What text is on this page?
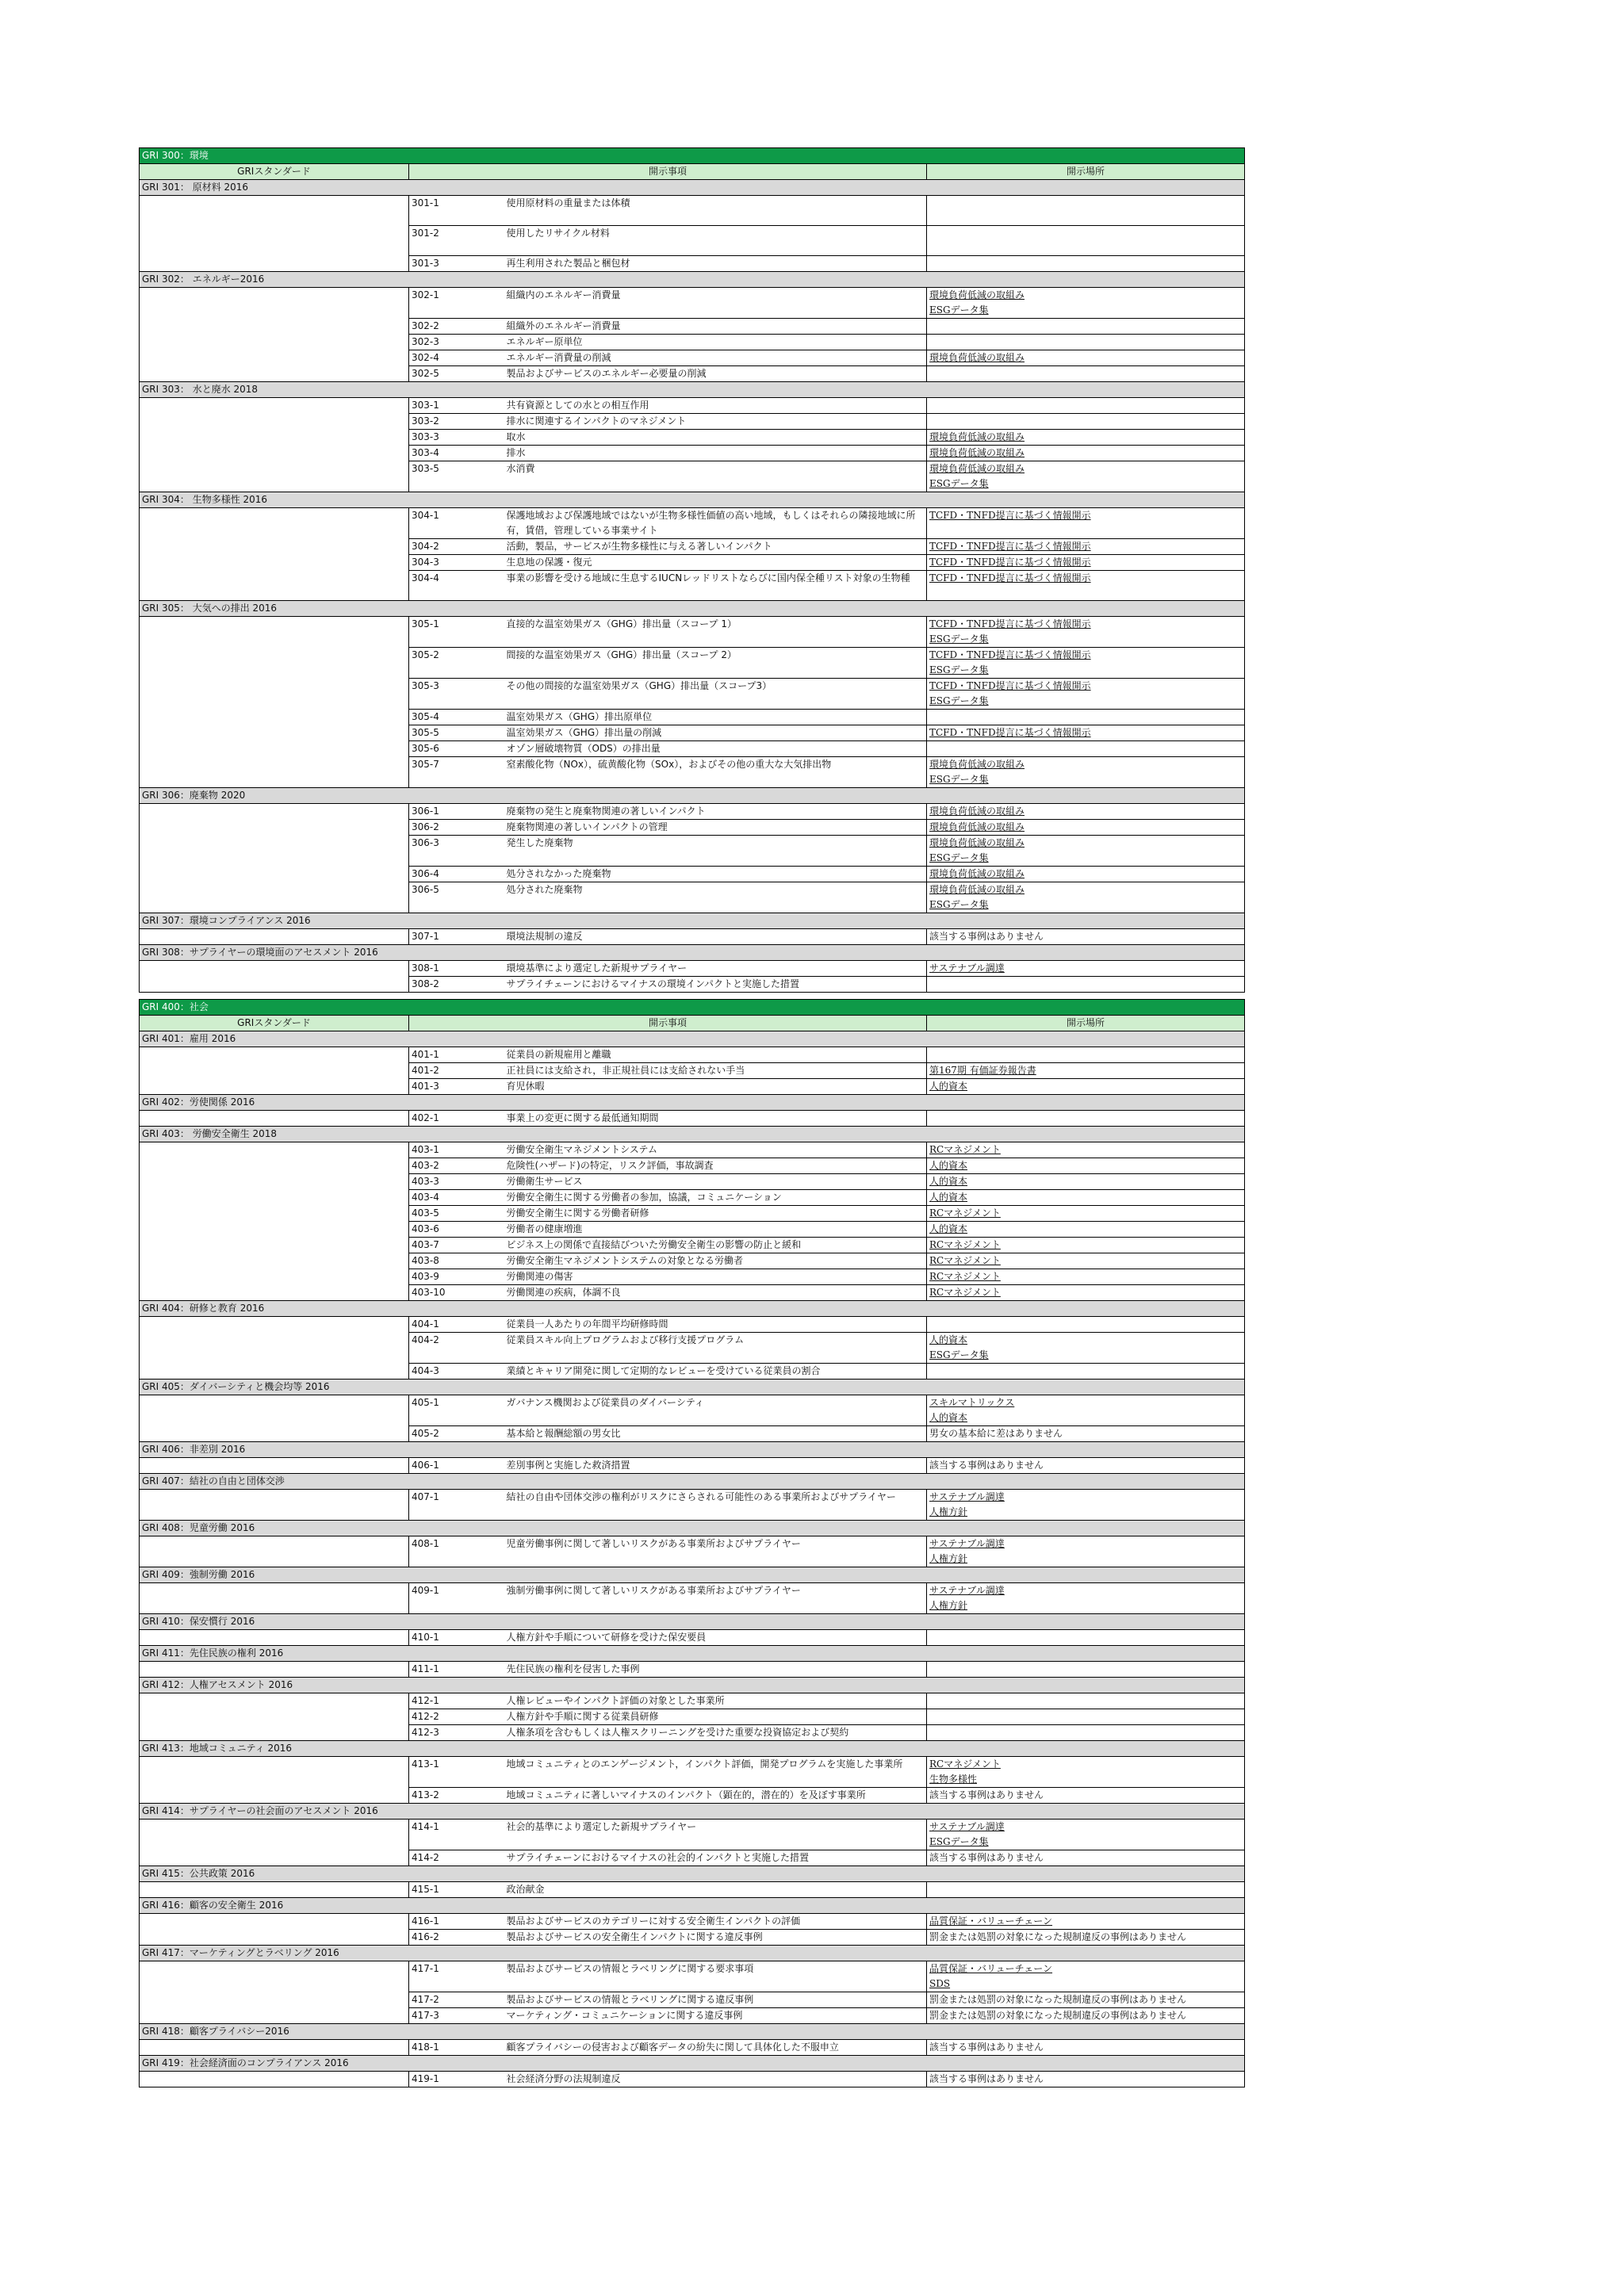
GRI 300：環境			
GRIスタンダード	開示事項		開示場所
GRI 301： 原材料 2016			

	301-1	使用原材料の重量または体積	

	301-2	使用したリサイクル材料	

	301-3	再生利用された製品と梱包材	

GRI 302： エネルギー2016			

	302-1	組織内のエネルギー消費量	環境負荷低減の取組み
ESGデータ集

	302-2	組織外のエネルギー消費量	

	302-3	エネルギー原単位	

	302-4	エネルギー消費量の削減	環境負荷低減の取組み

	302-5	製品およびサービスのエネルギー必要量の削減	

GRI 303： 水と廃水 2018			

	303-1	共有資源としての水との相互作用	

	303-2	排水に関連するインパクトのマネジメント	

	303-3	取水	環境負荷低減の取組み

	303-4	排水	環境負荷低減の取組み

	303-5	水消費	環境負荷低減の取組み
ESGデータ集

GRI 304： 生物多様性 2016			

	304-1	保護地域および保護地域ではないが生物多様性価値の高い地域，もしくはそれらの隣接地域に所有，賃借，管理している事業サイト	TCFD・TNFD提言に基づく情報開示

	304-2	活動，製品，サービスが生物多様性に与える著しいインパクト	TCFD・TNFD提言に基づく情報開示

	304-3	生息地の保護・復元	TCFD・TNFD提言に基づく情報開示

	304-4	事業の影響を受ける地域に生息するIUCNレッドリストならびに国内保全種リスト対象の生物種	TCFD・TNFD提言に基づく情報開示

GRI 305： 大気への排出 2016			

	305-1	直接的な温室効果ガス（GHG）排出量（スコープ 1）	TCFD・TNFD提言に基づく情報開示
ESGデータ集

	305-2	間接的な温室効果ガス（GHG）排出量（スコープ 2）	TCFD・TNFD提言に基づく情報開示
ESGデータ集

	305-3	その他の間接的な温室効果ガス（GHG）排出量（スコープ3）	TCFD・TNFD提言に基づく情報開示
ESGデータ集

	305-4	温室効果ガス（GHG）排出原単位	

	305-5	温室効果ガス（GHG）排出量の削減	TCFD・TNFD提言に基づく情報開示

	305-6	オゾン層破壊物質（ODS）の排出量	

	305-7	窒素酸化物（NOx），硫黄酸化物（SOx），およびその他の重大な大気排出物	環境負荷低減の取組み
ESGデータ集

GRI 306：廃棄物 2020			

	306-1	廃棄物の発生と廃棄物関連の著しいインパクト	環境負荷低減の取組み

	306-2	廃棄物関連の著しいインパクトの管理	環境負荷低減の取組み

	306-3	発生した廃棄物	環境負荷低減の取組み
ESGデータ集

	306-4	処分されなかった廃棄物	環境負荷低減の取組み

	306-5	処分された廃棄物	環境負荷低減の取組み
ESGデータ集

GRI 307：環境コンプライアンス 2016			

	307-1	環境法規制の違反	該当する事例はありません

GRI 308：サプライヤーの環境面のアセスメント 2016			

	308-1	環境基準により選定した新規サプライヤー	サステナブル調達

	308-2	サプライチェーンにおけるマイナスの環境インパクトと実施した措置	

GRI 400：社会			
GRIスタンダード	開示事項		開示場所
GRI 401：雇用 2016			

	401-1	従業員の新規雇用と離職	

	401-2	正社員には支給され，非正規社員には支給されない手当	第167期 有価証券報告書

	401-3	育児休暇	人的資本

GRI 402：労使関係 2016			

	402-1	事業上の変更に関する最低通知期間	

GRI 403： 労働安全衛生 2018			

	403-1	労働安全衛生マネジメントシステム	RCマネジメント

	403-2	危険性(ハザード)の特定，リスク評価，事故調査	人的資本

	403-3	労働衛生サービス	人的資本

	403-4	労働安全衛生に関する労働者の参加，協議，コミュニケーション	人的資本

	403-5	労働安全衛生に関する労働者研修	RCマネジメント

	403-6	労働者の健康増進	人的資本

	403-7	ビジネス上の関係で直接結びついた労働安全衛生の影響の防止と緩和	RCマネジメント

	403-8	労働安全衛生マネジメントシステムの対象となる労働者	RCマネジメント

	403-9	労働関連の傷害	RCマネジメント

	403-10	労働関連の疾病，体調不良	RCマネジメント

GRI 404：研修と教育 2016			

	404-1	従業員一人あたりの年間平均研修時間	

	404-2	従業員スキル向上プログラムおよび移行支援プログラム	人的資本
ESGデータ集

	404-3	業績とキャリア開発に関して定期的なレビューを受けている従業員の割合	

GRI 405：ダイバーシティと機会均等 2016			

	405-1	ガバナンス機関および従業員のダイバーシティ	スキルマトリックス
人的資本

	405-2	基本給と報酬総額の男女比	男女の基本給に差はありません

GRI 406：非差別 2016			

	406-1	差別事例と実施した救済措置	該当する事例はありません

GRI 407：結社の自由と団体交渉			

	407-1	結社の自由や団体交渉の権利がリスクにさらされる可能性のある事業所およびサプライヤー	サステナブル調達
人権方針

GRI 408：児童労働 2016			

	408-1	児童労働事例に関して著しいリスクがある事業所およびサプライヤー	サステナブル調達
人権方針

GRI 409：強制労働 2016			

	409-1	強制労働事例に関して著しいリスクがある事業所およびサプライヤー	サステナブル調達
人権方針

GRI 410：保安慣行 2016			

	410-1	人権方針や手順について研修を受けた保安要員	

GRI 411：先住民族の権利 2016			

	411-1	先住民族の権利を侵害した事例	

GRI 412：人権アセスメント 2016			

	412-1	人権レビューやインパクト評価の対象とした事業所	

	412-2	人権方針や手順に関する従業員研修	

	412-3	人権条項を含むもしくは人権スクリーニングを受けた重要な投資協定および契約	

GRI 413：地域コミュニティ 2016			

	413-1	地域コミュニティとのエンゲージメント，インパクト評価，開発プログラムを実施した事業所	RCマネジメント
生物多様性

	413-2	地域コミュニティに著しいマイナスのインパクト（顕在的，潜在的）を及ぼす事業所	該当する事例はありません

GRI 414：サプライヤーの社会面のアセスメント 2016			

	414-1	社会的基準により選定した新規サプライヤー	サステナブル調達
ESGデータ集

	414-2	サプライチェーンにおけるマイナスの社会的インパクトと実施した措置	該当する事例はありません

GRI 415：公共政策 2016			

	415-1	政治献金	

GRI 416：顧客の安全衛生 2016			

	416-1	製品およびサービスのカテゴリーに対する安全衛生インパクトの評価	品質保証・バリューチェーン

	416-2	製品およびサービスの安全衛生インパクトに関する違反事例	罰金または処罰の対象になった規制違反の事例はありません

GRI 417：マーケティングとラベリング 2016			

	417-1	製品およびサービスの情報とラベリングに関する要求事項	品質保証・バリューチェーン
SDS

	417-2	製品およびサービスの情報とラベリングに関する違反事例	罰金または処罰の対象になった規制違反の事例はありません

	417-3	マーケティング・コミュニケーションに関する違反事例	罰金または処罰の対象になった規制違反の事例はありません

GRI 418：顧客プライバシー2016			

	418-1	顧客プライバシーの侵害および顧客データの紛失に関して具体化した不服申立	該当する事例はありません

GRI 419：社会経済面のコンプライアンス 2016			

	419-1	社会経済分野の法規制違反	該当する事例はありません
